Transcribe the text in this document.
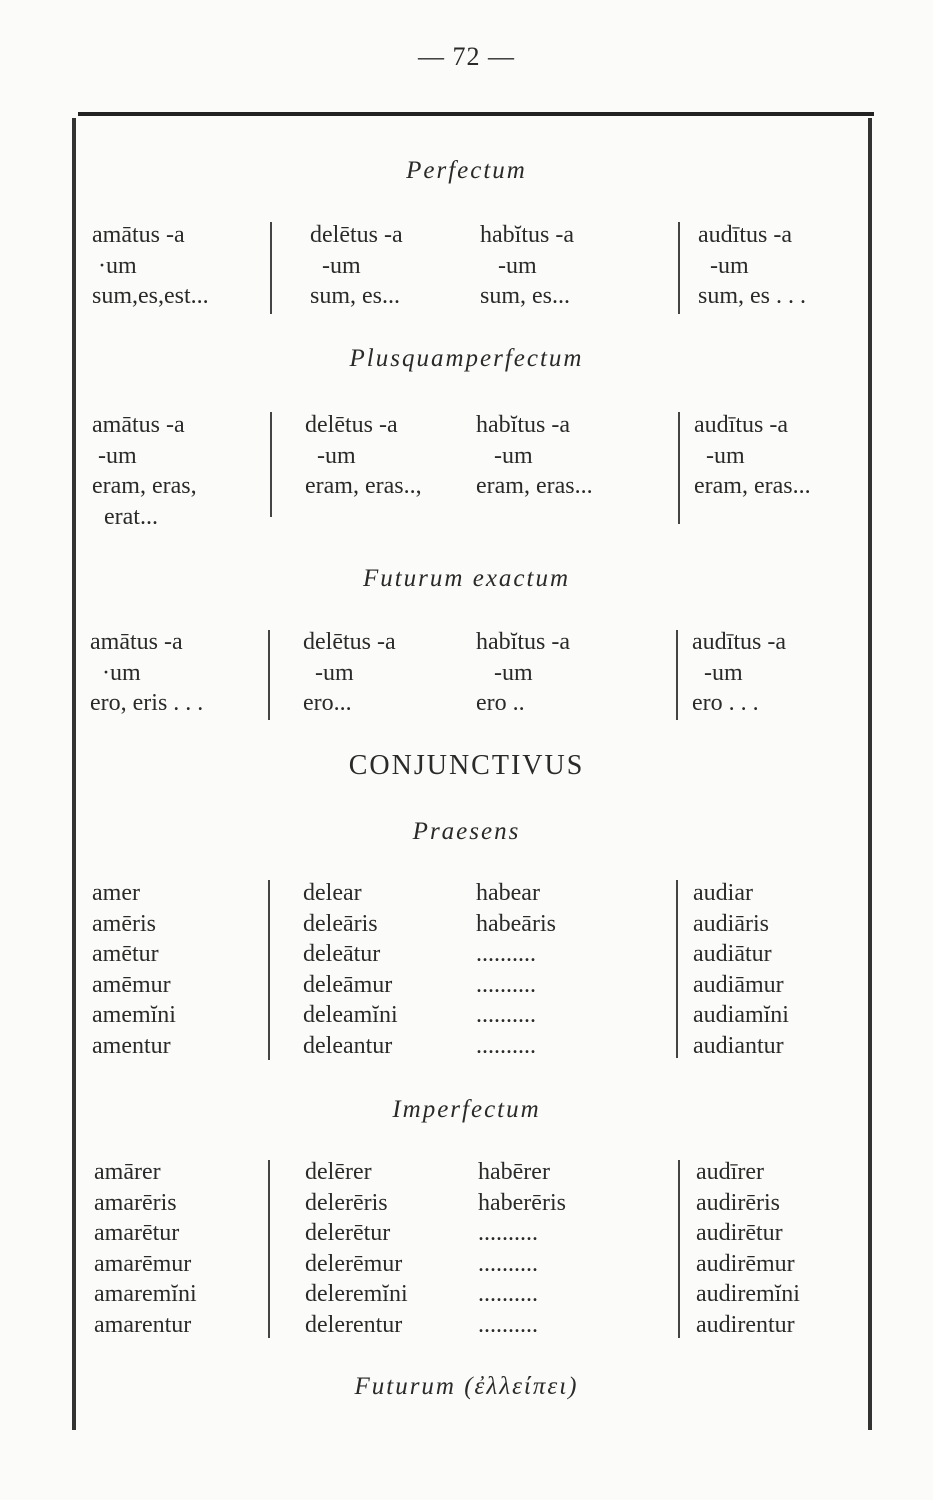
— 72 —
Perfectum
amātus -a
·um
sum,es,est...
delētus -a
-um
sum, es...
habĭtus -a
-um
sum, es...
audītus -a
-um
sum, es . . .
Plusquamperfectum
amātus -a
-um
eram, eras,
erat...
delētus -a
-um
eram, eras..,
habĭtus -a
-um
eram, eras...
audītus -a
-um
eram, eras...
Futurum exactum
amātus -a
·um
ero, eris . . .
delētus -a
-um
ero...
habĭtus -a
-um
ero ..
audītus -a
-um
ero . . .
CONJUNCTIVUS
Praesens
amer
amēris
amētur
amēmur
amemĭni
amentur
delear
deleāris
deleātur
deleāmur
deleamĭni
deleantur
habear
habeāris
..........
..........
..........
..........
audiar
audiāris
audiātur
audiāmur
audiamĭni
audiantur
Imperfectum
amārer
amarēris
amarētur
amarēmur
amaremĭni
amarentur
delērer
delerēris
delerētur
delerēmur
deleremĭni
delerentur
habērer
haberēris
..........
..........
..........
..........
audīrer
audirēris
audirētur
audirēmur
audiremĭni
audirentur
Futurum (ἐλλείπει)
